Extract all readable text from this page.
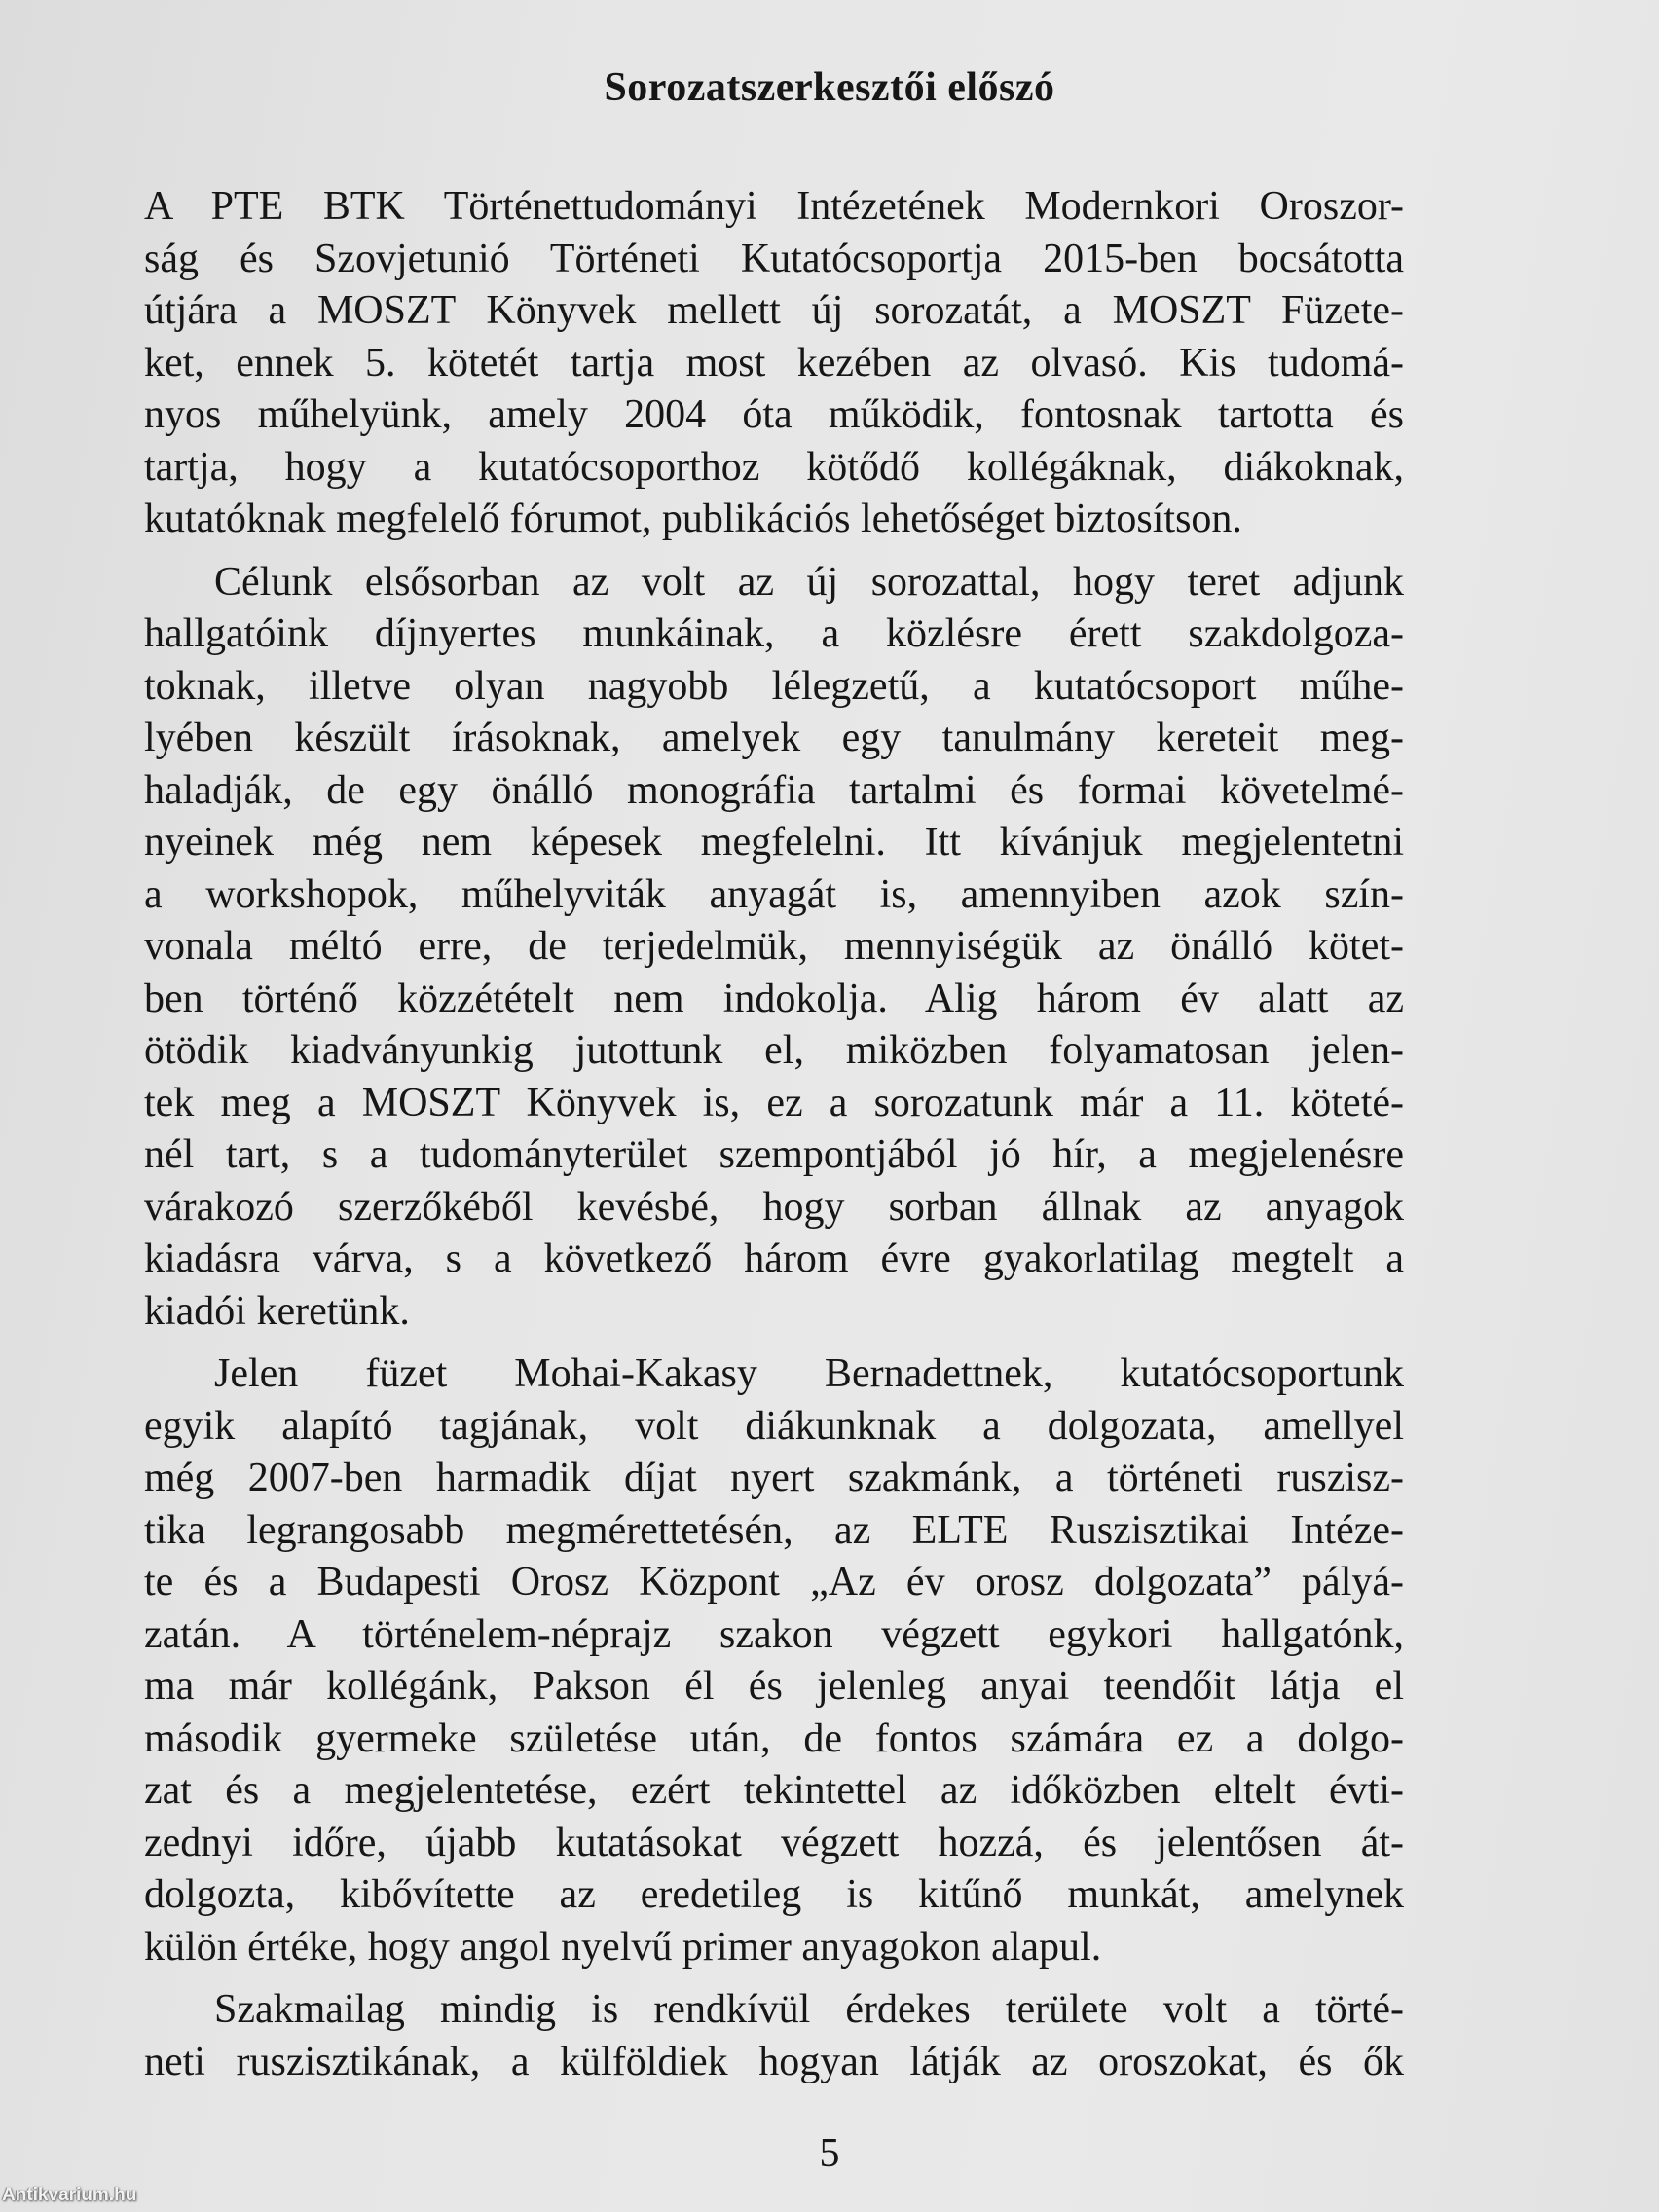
Sorozatszerkesztői előszó
A PTE BTK Történettudományi Intézetének Modernkori Oroszor-
ság és Szovjetunió Történeti Kutatócsoportja 2015-ben bocsátotta
útjára a MOSZT Könyvek mellett új sorozatát, a MOSZT Füzete-
ket, ennek 5. kötetét tartja most kezében az olvasó. Kis tudomá-
nyos műhelyünk, amely 2004 óta működik, fontosnak tartotta és
tartja, hogy a kutatócsoporthoz kötődő kollégáknak, diákoknak,
kutatóknak megfelelő fórumot, publikációs lehetőséget biztosítson.
Célunk elsősorban az volt az új sorozattal, hogy teret adjunk
hallgatóink díjnyertes munkáinak, a közlésre érett szakdolgoza-
toknak, illetve olyan nagyobb lélegzetű, a kutatócsoport műhe-
lyében készült írásoknak, amelyek egy tanulmány kereteit meg-
haladják, de egy önálló monográfia tartalmi és formai követelmé-
nyeinek még nem képesek megfelelni. Itt kívánjuk megjelentetni
a workshopok, műhelyviták anyagát is, amennyiben azok szín-
vonala méltó erre, de terjedelmük, mennyiségük az önálló kötet-
ben történő közzétételt nem indokolja. Alig három év alatt az
ötödik kiadványunkig jutottunk el, miközben folyamatosan jelen-
tek meg a MOSZT Könyvek is, ez a sorozatunk már a 11. köteté-
nél tart, s a tudományterület szempontjából jó hír, a megjelenésre
várakozó szerzőkéből kevésbé, hogy sorban állnak az anyagok
kiadásra várva, s a következő három évre gyakorlatilag megtelt a
kiadói keretünk.
Jelen füzet Mohai-Kakasy Bernadettnek, kutatócsoportunk
egyik alapító tagjának, volt diákunknak a dolgozata, amellyel
még 2007-ben harmadik díjat nyert szakmánk, a történeti ruszisz-
tika legrangosabb megmérettetésén, az ELTE Ruszisztikai Intéze-
te és a Budapesti Orosz Központ „Az év orosz dolgozata” pályá-
zatán. A történelem-néprajz szakon végzett egykori hallgatónk,
ma már kollégánk, Pakson él és jelenleg anyai teendőit látja el
második gyermeke születése után, de fontos számára ez a dolgo-
zat és a megjelentetése, ezért tekintettel az időközben eltelt évti-
zednyi időre, újabb kutatásokat végzett hozzá, és jelentősen át-
dolgozta, kibővítette az eredetileg is kitűnő munkát, amelynek
külön értéke, hogy angol nyelvű primer anyagokon alapul.
Szakmailag mindig is rendkívül érdekes területe volt a törté-
neti ruszisztikának, a külföldiek hogyan látják az oroszokat, és ők
5
Antikvarium.hu
